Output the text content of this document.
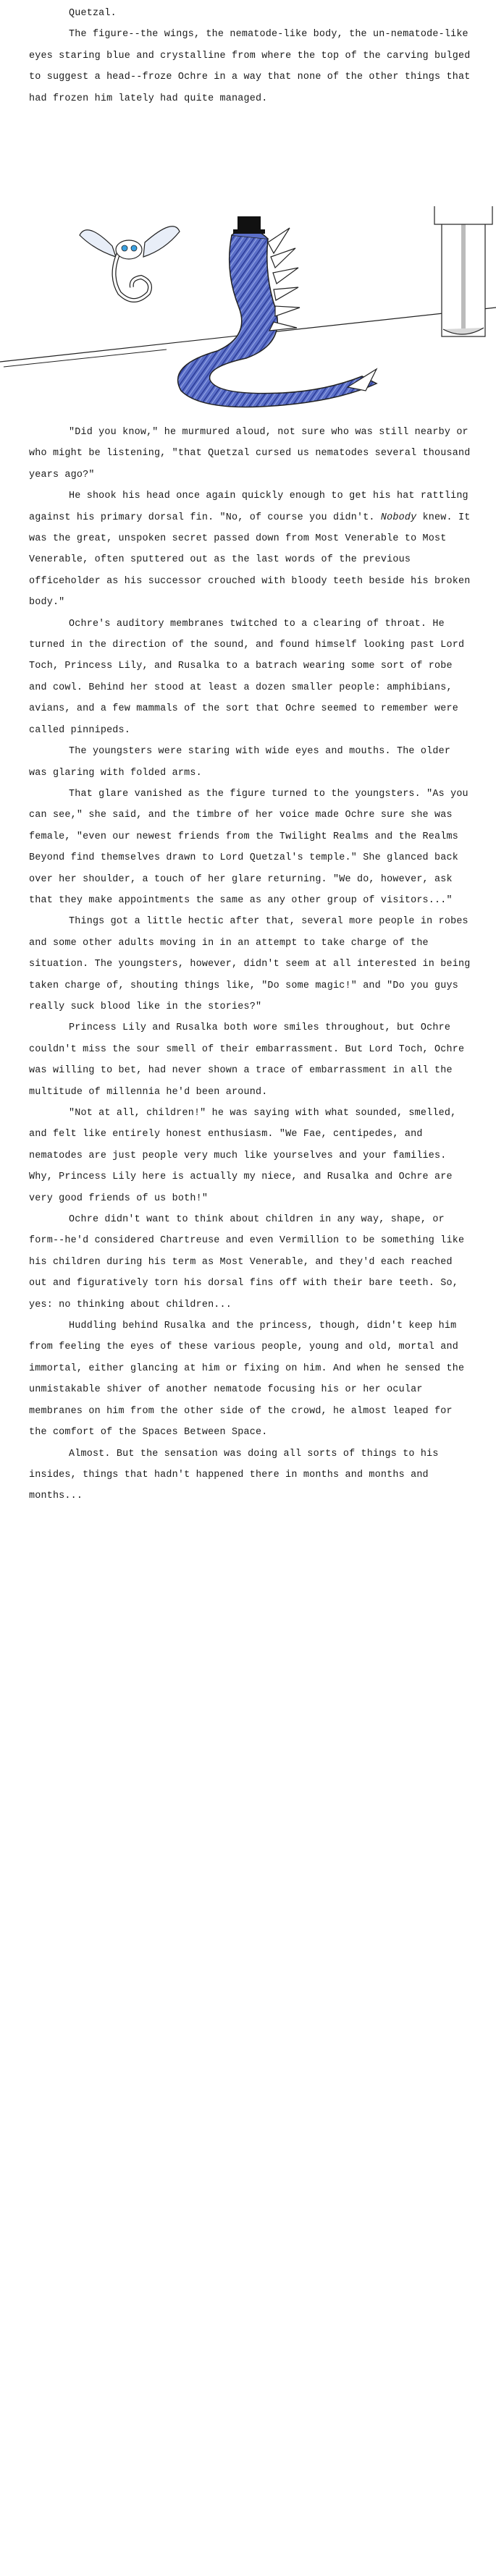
Quetzal.

The figure--the wings, the nematode-like body, the un-nematode-like eyes staring blue and crystalline from where the top of the carving bulged to suggest a head--froze Ochre in a way that none of the other things that had frozen him lately had quite managed.

"Did you know," he murmured aloud, not sure who was still nearby or who might be listening, "that Quetzal cursed us nematodes several thousand years ago?"

He shook his head once again quickly enough to get his hat rattling against his primary dorsal fin. "No, of course you didn't. Nobody knew. It was the great, unspoken secret passed down from Most Venerable to Most Venerable, often sputtered out as the last words of the previous officeholder as his successor crouched with bloody teeth beside his broken body."

Ochre's auditory membranes twitched to a clearing of throat. He turned in the direction of the sound, and found himself looking past Lord Toch, Princess Lily, and Rusalka to a batrach wearing some sort of robe and cowl. Behind her stood at least a dozen smaller people: amphibians, avians, and a few mammals of the sort that Ochre seemed to remember were called pinnipeds.

The youngsters were staring with wide eyes and mouths. The older was glaring with folded arms.

That glare vanished as the figure turned to the youngsters. "As you can see," she said, and the timbre of her voice made Ochre sure she was female, "even our newest friends from the Twilight Realms and the Realms Beyond find themselves drawn to Lord Quetzal's temple." She glanced back over her shoulder, a touch of her glare returning. "We do, however, ask that they make appointments the same as any other group of visitors..."

Things got a little hectic after that, several more people in robes and some other adults moving in in an attempt to take charge of the situation. The youngsters, however, didn't seem at all interested in being taken charge of, shouting things like, "Do some magic!" and "Do you guys really suck blood like in the stories?"

Princess Lily and Rusalka both wore smiles throughout, but Ochre couldn't miss the sour smell of their embarrassment. But Lord Toch, Ochre was willing to bet, had never shown a trace of embarrassment in all the multitude of millennia he'd been around.

"Not at all, children!" he was saying with what sounded, smelled, and felt like entirely honest enthusiasm. "We Fae, centipedes, and nematodes are just people very much like yourselves and your families. Why, Princess Lily here is actually my niece, and Rusalka and Ochre are very good friends of us both!"

Ochre didn't want to think about children in any way, shape, or form--he'd considered Chartreuse and even Vermillion to be something like his children during his term as Most Venerable, and they'd each reached out and figuratively torn his dorsal fins off with their bare teeth. So, yes: no thinking about children...

Huddling behind Rusalka and the princess, though, didn't keep him from feeling the eyes of these various people, young and old, mortal and immortal, either glancing at him or fixing on him. And when he sensed the unmistakable shiver of another nematode focusing his or her ocular membranes on him from the other side of the crowd, he almost leaped for the comfort of the Spaces Between Space.

Almost. But the sensation was doing all sorts of things to his insides, things that hadn't happened there in months and months and months...
